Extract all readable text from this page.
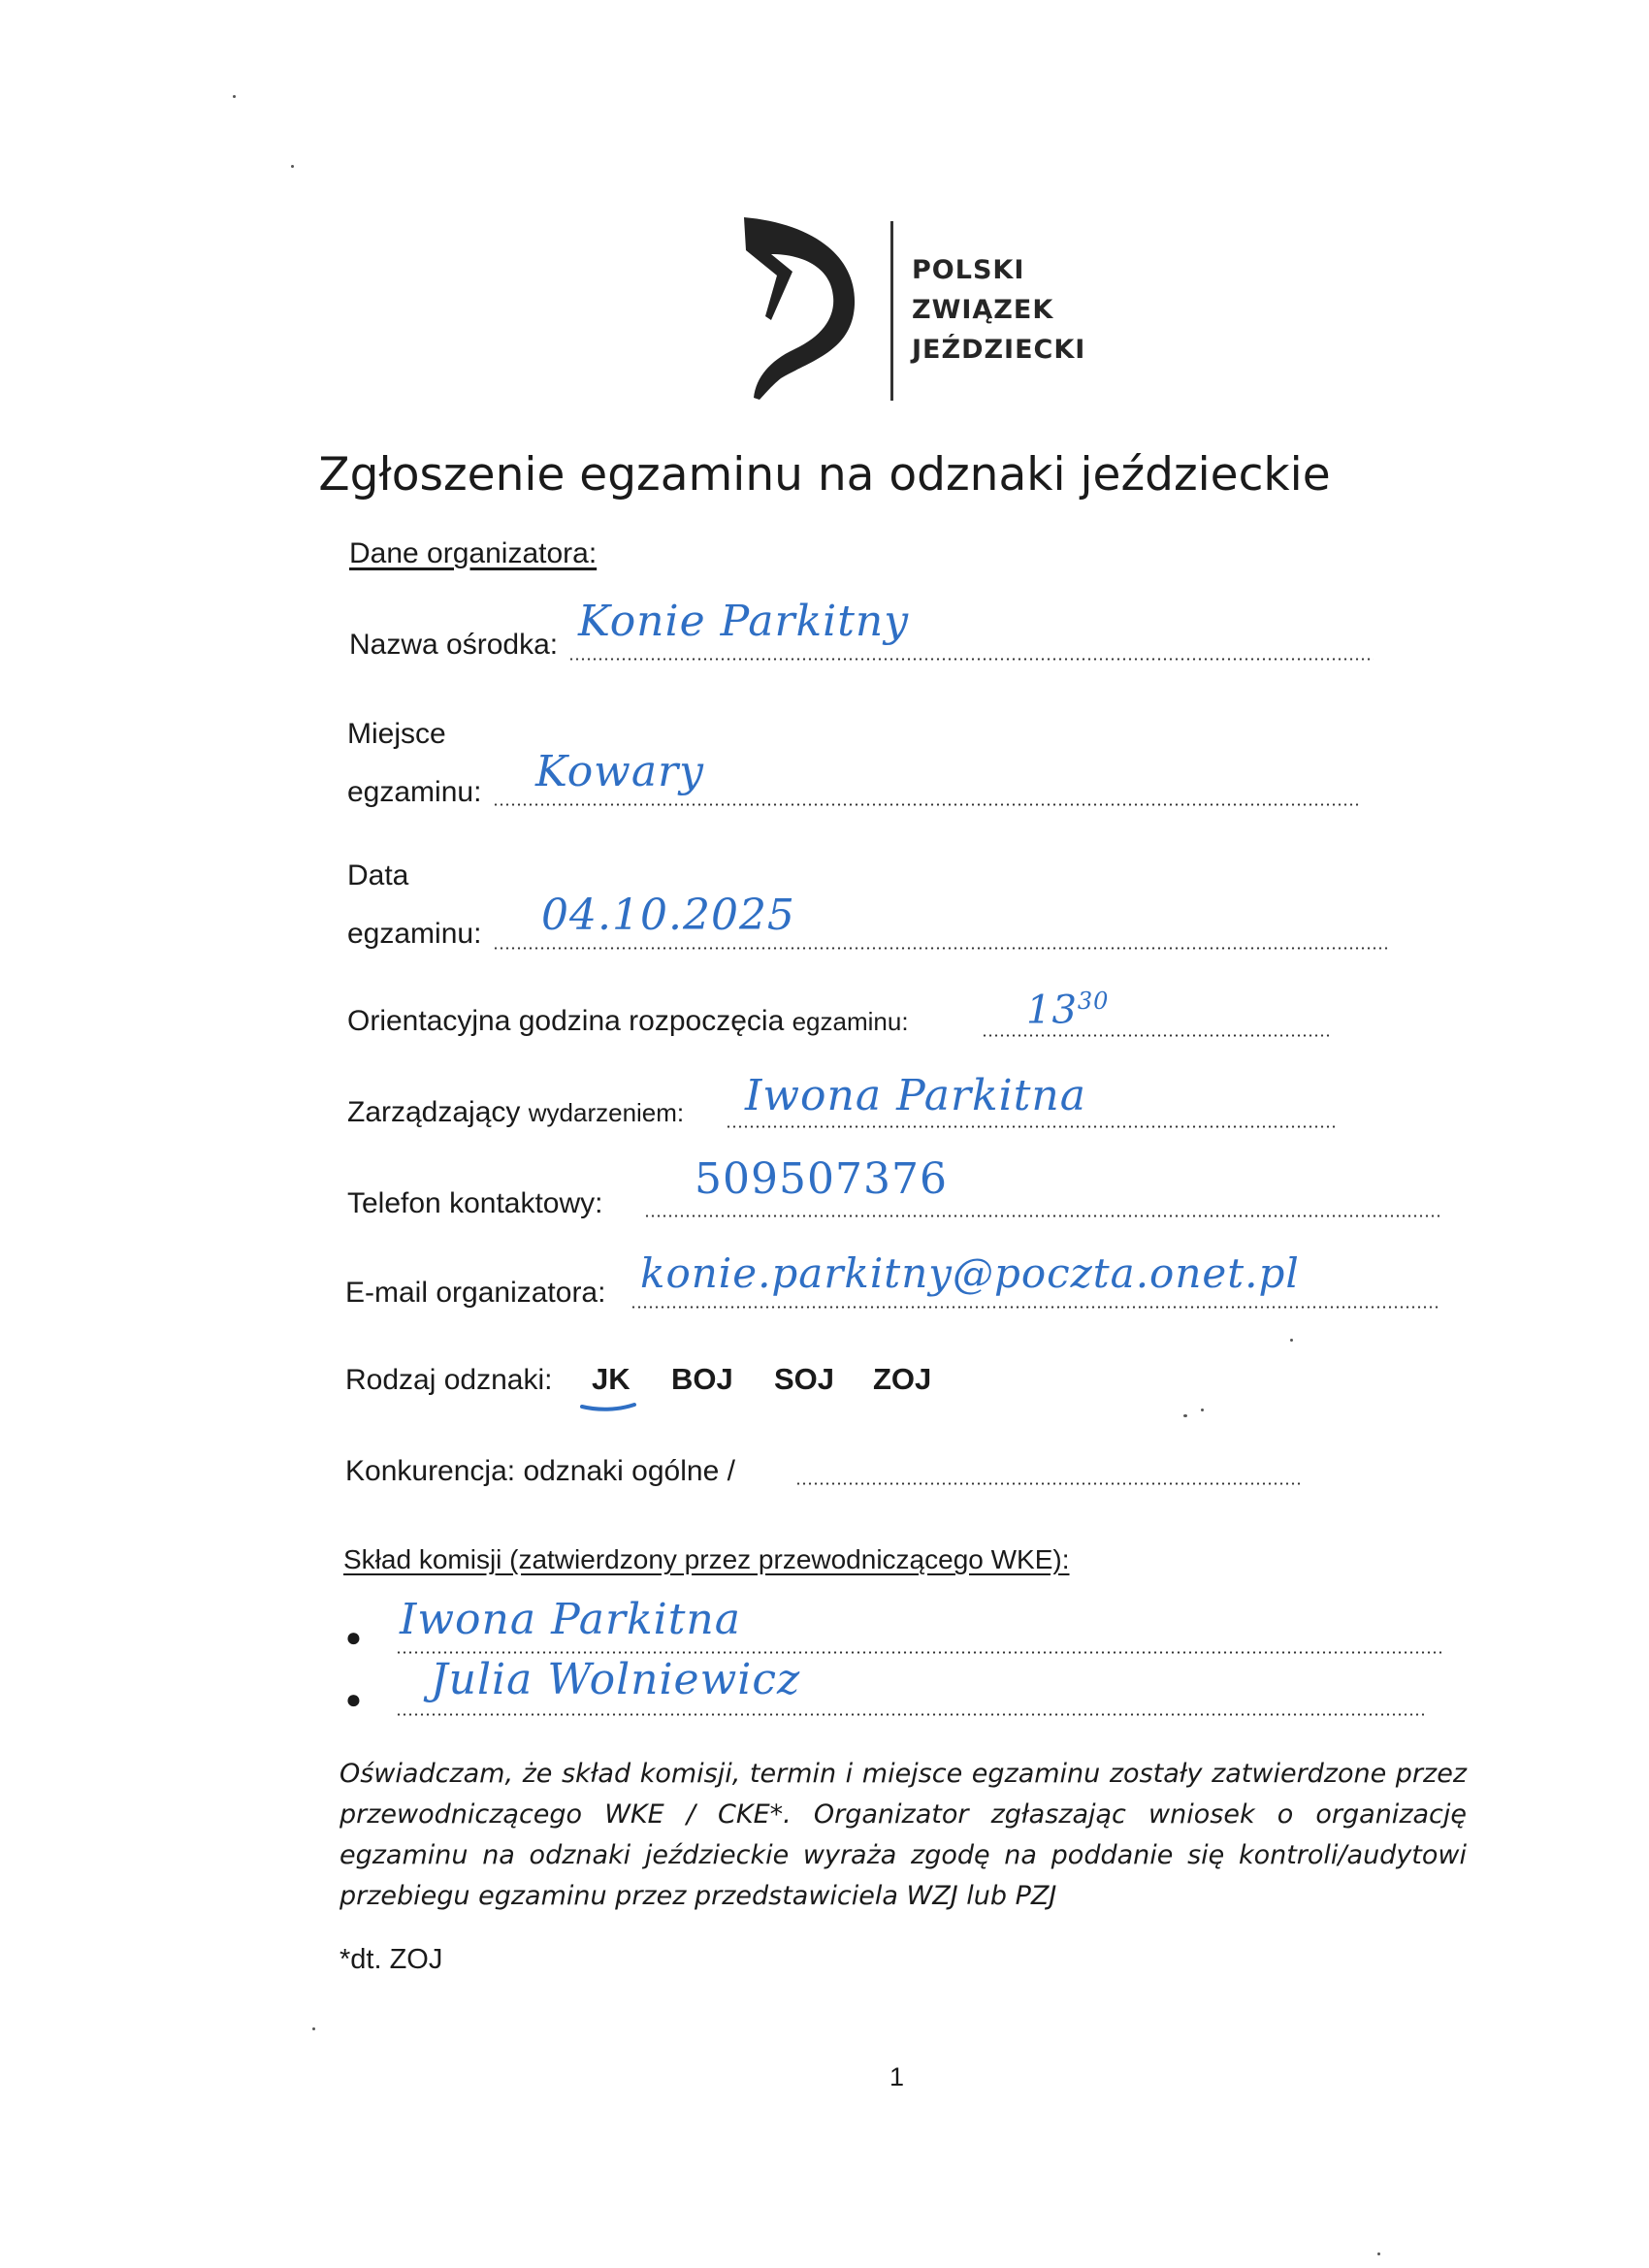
POLSKI
ZWIĄZEK
JEŹDZIECKI
Zgłoszenie egzaminu na odznaki jeździeckie
Dane organizatora:
Nazwa ośrodka: Konie Parkitny
Miejsce
egzaminu: Kowary
Data
egzaminu: 04.10.2025
Orientacyjna godzina rozpoczęcia egzaminu:	$13^{30}$
Zarządzający wydarzeniem: Iwona Parkitna
Telefon kontaktowy: 509507376
E-mail organizatora: konie.parkitny@poczta.onet.pl
Rodzaj odznaki: JK BOJ SOJ ZOJ
Konkurencja: odznaki ogólne /
Skład komisji (zatwierdzony przez przewodniczącego WKE):
● Iwona Parkitna
● Julia Wolniewicz
Oświadczam, że skład komisji, termin i miejsce egzaminu zostały zatwierdzone przez przewodniczącego WKE / CKE*. Organizator zgłaszając wniosek o organizację egzaminu na odznaki jeździeckie wyraża zgodę na poddanie się kontroli/audytowi przebiegu egzaminu przez przedstawiciela WZJ lub PZJ
*dt. ZOJ
1
